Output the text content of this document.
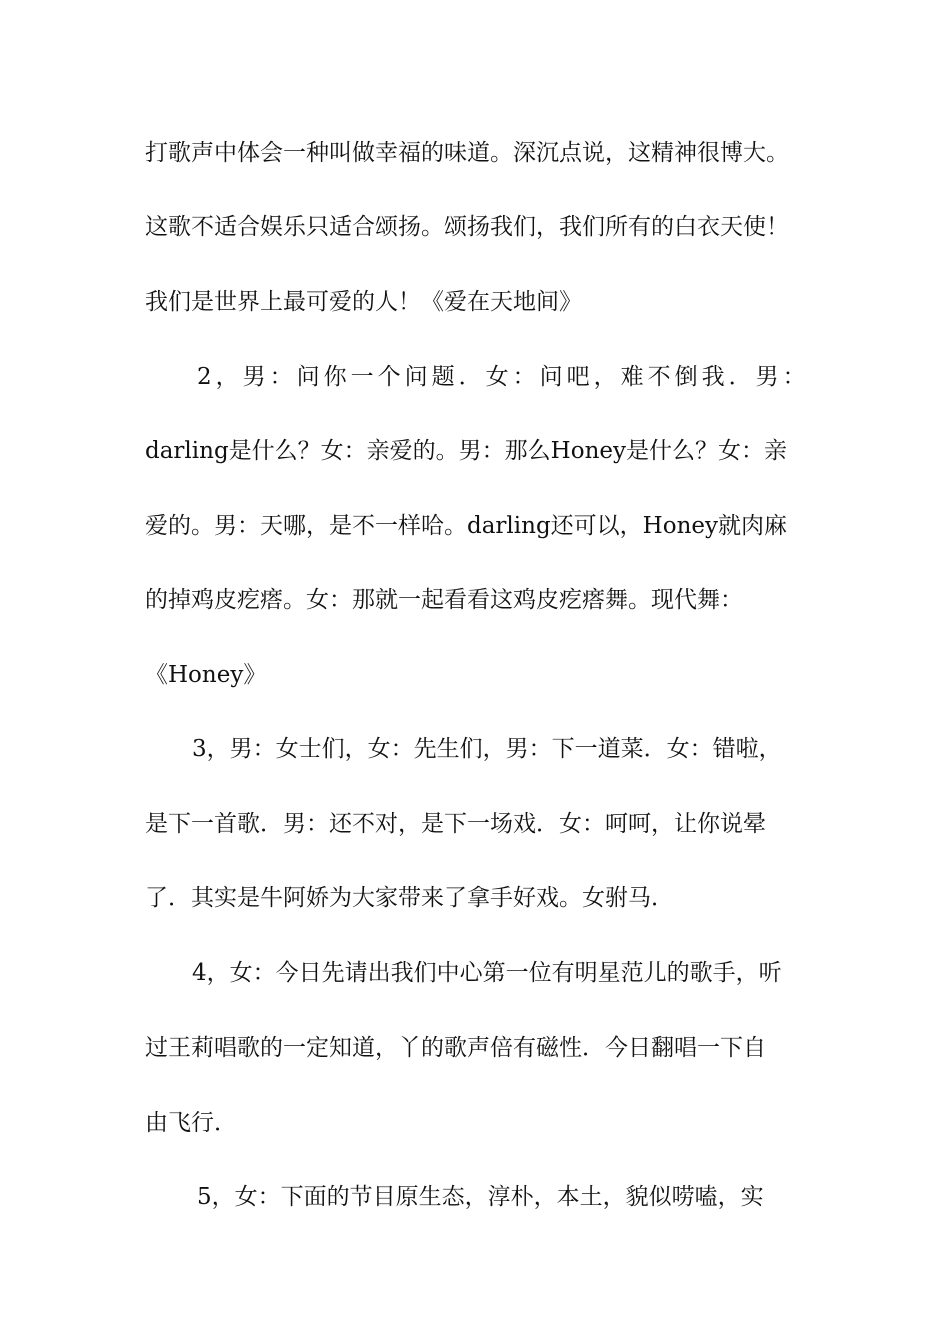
打歌声中体会一种叫做幸福的味道。深沉点说，这精神很博大。
这歌不适合娱乐只适合颂扬。颂扬我们，我们所有的白衣天使！
我们是世界上最可爱的人！《爱在天地间》
2，男：问你一个问题．女：问吧，难不倒我．男：
darling是什么？女：亲爱的。男：那么Honey是什么？女：亲
爱的。男：天哪，是不一样哈。darling还可以，Honey就肉麻
的掉鸡皮疙瘩。女：那就一起看看这鸡皮疙瘩舞。现代舞：
《Honey》
3，男：女士们，女：先生们，男：下一道菜．女：错啦，
是下一首歌．男：还不对，是下一场戏．女：呵呵，让你说晕
了．其实是牛阿娇为大家带来了拿手好戏。女驸马．
4，女：今日先请出我们中心第一位有明星范儿的歌手，听
过王莉唱歌的一定知道，丫的歌声倍有磁性．今日翻唱一下自
由飞行．
5，女：下面的节目原生态，淳朴，本土，貌似唠嗑，实
